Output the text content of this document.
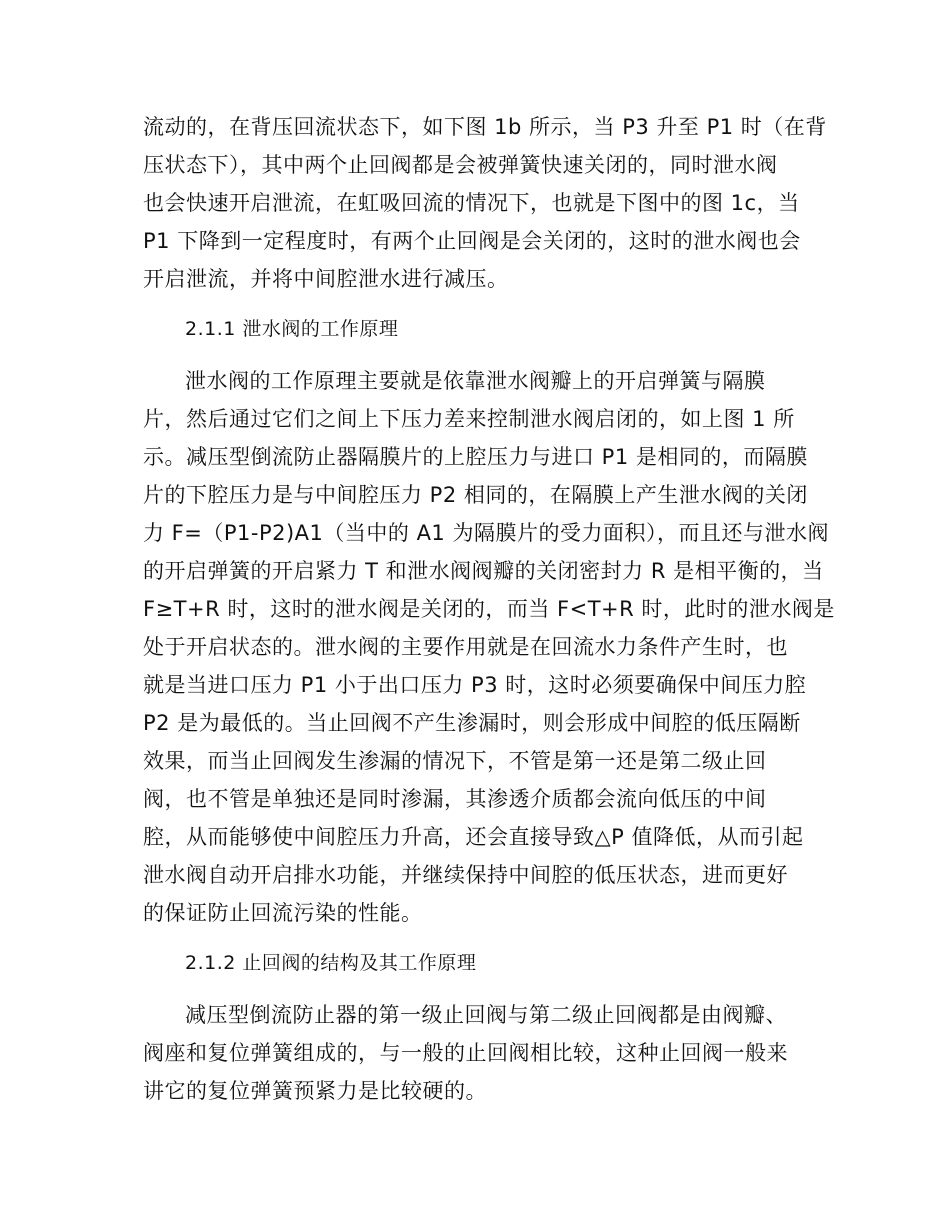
流动的，在背压回流状态下，如下图 1b 所示，当 P3 升至 P1 时（在背

压状态下），其中两个止回阀都是会被弹簧快速关闭的，同时泄水阀

也会快速开启泄流，在虹吸回流的情况下，也就是下图中的图 1c，当

P1 下降到一定程度时，有两个止回阀是会关闭的，这时的泄水阀也会

开启泄流，并将中间腔泄水进行减压。

2.1.1 泄水阀的工作原理

泄水阀的工作原理主要就是依靠泄水阀瓣上的开启弹簧与隔膜

片，然后通过它们之间上下压力差来控制泄水阀启闭的，如上图 1 所

示。减压型倒流防止器隔膜片的上腔压力与进口 P1 是相同的，而隔膜

片的下腔压力是与中间腔压力 P2 相同的，在隔膜上产生泄水阀的关闭

力 F=（P1-P2)A1（当中的 A1 为隔膜片的受力面积），而且还与泄水阀

的开启弹簧的开启紧力 T 和泄水阀阀瓣的关闭密封力 R 是相平衡的，当

F≥T+R 时，这时的泄水阀是关闭的，而当 F<T+R 时，此时的泄水阀是

处于开启状态的。泄水阀的主要作用就是在回流水力条件产生时，也

就是当进口压力 P1 小于出口压力 P3 时，这时必须要确保中间压力腔

P2 是为最低的。当止回阀不产生渗漏时，则会形成中间腔的低压隔断

效果，而当止回阀发生渗漏的情况下，不管是第一还是第二级止回

阀，也不管是单独还是同时渗漏，其渗透介质都会流向低压的中间

腔，从而能够使中间腔压力升高，还会直接导致△P 值降低，从而引起

泄水阀自动开启排水功能，并继续保持中间腔的低压状态，进而更好

的保证防止回流污染的性能。

2.1.2 止回阀的结构及其工作原理

减压型倒流防止器的第一级止回阀与第二级止回阀都是由阀瓣、

阀座和复位弹簧组成的，与一般的止回阀相比较，这种止回阀一般来

讲它的复位弹簧预紧力是比较硬的。
